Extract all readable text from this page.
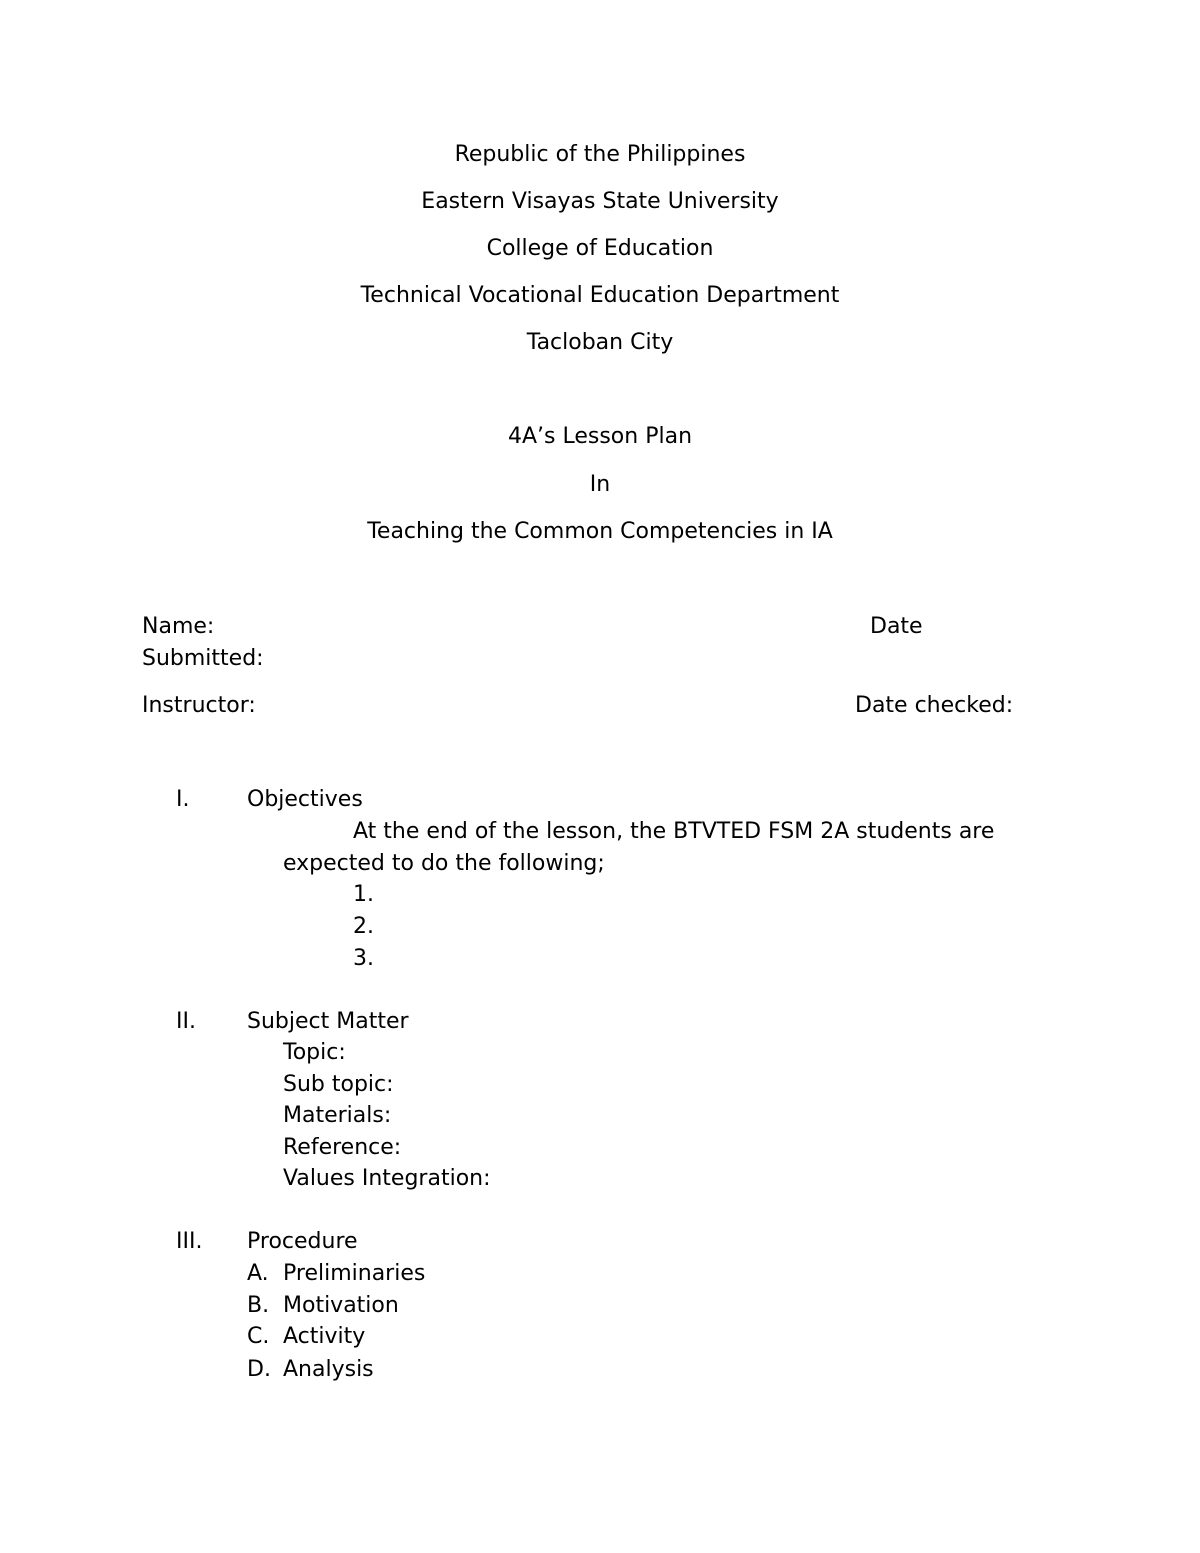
Republic of the Philippines
Eastern Visayas State University
College of Education
Technical Vocational Education Department
Tacloban City
4A’s Lesson Plan
In
Teaching the Common Competencies in IA
Name:	Date
Submitted:
Instructor:	Date checked:
I.	Objectives
At the end of the lesson, the BTVTED FSM 2A students are
expected to do the following;
1.
2.
3.
II. Subject Matter
Topic:
Sub topic:
Materials:
Reference:
Values Integration:
III. Procedure
A. Preliminaries
B. Motivation
C. Activity
D. Analysis
